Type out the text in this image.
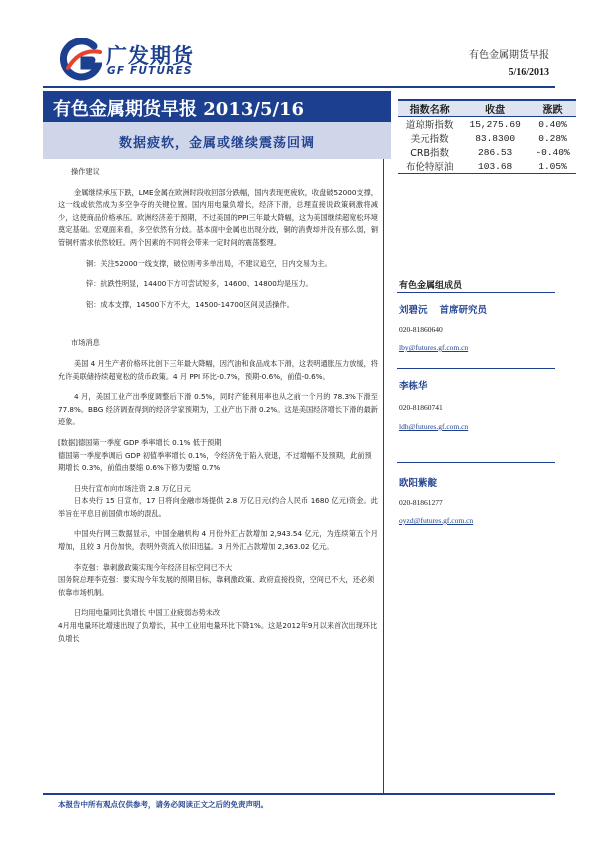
广发期货
GF FUTURES
有色金属期货早报
5/16/2013
有色金属期货早报 2013/5/16
数据疲软，金属或继续震荡回调
指数名称	收盘	涨跌
道琼斯指数	15,275.69	0.40%
美元指数	83.8300	0.28%
CRB指数	286.53	-0.40%
布伦特原油	103.68	1.05%
操作建议
金属继续承压下跌，LME金属在欧洲时段收回部分跌幅，国内表现更疲软，收盘破52000支撑，这一线或依然成为多空争夺的关键位置。国内用电量负增长，经济下滑，总理直接说政策刺激将减少，这使商品价格承压。欧洲经济差于预期，不过美国的PPI三年最大降幅，这为美国继续超宽松环境奠定基础。宏观面来看，多空依然有分歧。基本面中金属也出现分歧，铜的消费却并没有那么弱，铜管铜杆需求依然较旺。两个因素的不同将会带来一定时间的震荡整理。
铜：关注52000一线支撑，破位则考多单出局，不建议追空，日内交易为主。
锌：抗跌性明显，14400下方可尝试短多，14600、14800均是压力。
铝：成本支撑，14500下方不大，14500-14700区间灵活操作。
市场消息
美国 4 月生产者价格环比创下三年最大降幅，因汽油和食品成本下滑，这表明通胀压力放缓，将允许美联储持续超宽松的货币政策。4 月 PPI 环比-0.7%，预期-0.6%，前值-0.6%。
4 月，美国工业产出季度调整后下滑 0.5%，同时产能利用率也从之前一个月的 78.3%下滑至 77.8%。BBG 经济调查得到的经济学家预期为，工业产出下滑 0.2%。这是美国经济增长下滑的最新迹象。
[数据]德国第一季度 GDP 季率增长 0.1% 低于预期
德国第一季度季调后 GDP 初值季率增长 0.1%，令经济免于陷入衰退，不过增幅不及预期，此前预期增长 0.3%，前值由要缩 0.6%下修为要缩 0.7%
日央行宣布向市场注资 2.8 万亿日元
日本央行 15 日宣布，17 日将向金融市场提供 2.8 万亿日元(约合人民币 1680 亿元)资金。此举旨在平息目前国债市场的混乱。
中国央行网三数据显示，中国金融机构 4 月份外汇占款增加 2,943.54 亿元，为连续第五个月增加，且较 3 月份加快，表明外资流入依旧迅猛。3 月外汇占款增加 2,363.02 亿元。
李克强：靠刺激政策实现今年经济目标空间已不大
国务院总理李克强：要实现今年发展的预期目标，靠刺激政策、政府直接投资，空间已不大，还必须依靠市场机制。
日均用电量同比负增长 中国工业疲弱态势未改
4月用电量环比增速出现了负增长，其中工业用电量环比下降1%。这是2012年9月以来首次出现环比负增长
有色金属组成员
刘碧沅 首席研究员
020-81860640
lby@futures.gf.com.cn
李栋华
020-81860741
ldh@futures.gf.com.cn
欧阳紫靛
020-81861277
oyzd@futures.gf.com.cn
本报告中所有观点仅供参考，请务必阅读正文之后的免责声明。
